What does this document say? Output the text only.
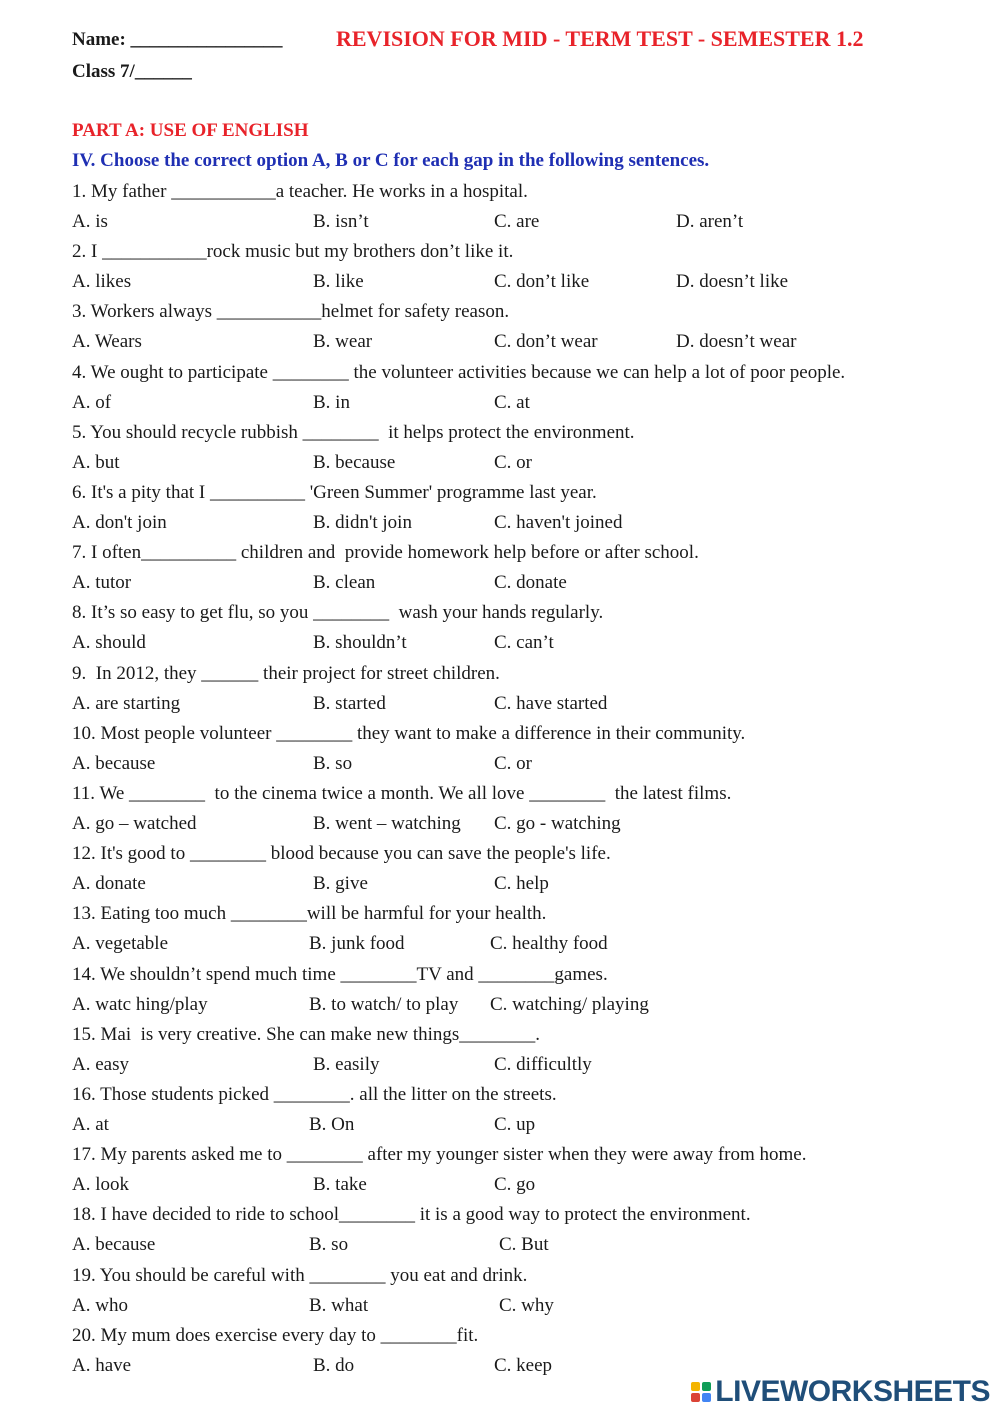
Name: ________________ REVISION FOR MID - TERM TEST - SEMESTER 1.2
Class 7/______
PART A: USE OF ENGLISH
IV. Choose the correct option A, B or C for each gap in the following sentences.
1. My father ___________a teacher. He works in a hospital.
A. is	B. isn’t	C. are	D. aren’t
2. I ___________rock music but my brothers don’t like it.
A. likes	B. like	C. don’t like	D. doesn’t like
3. Workers always ___________helmet for safety reason.
A. Wears	B. wear	C. don’t wear	D. doesn’t wear
4. We ought to participate ________ the volunteer activities because we can help a lot of poor people.
A. of	B. in	C. at
5. You should recycle rubbish ________  it helps protect the environment.
A. but	B. because	C. or
6. It's a pity that I __________ 'Green Summer' programme last year.
A. don't join	B. didn't join	C. haven't joined
7. I often__________ children and  provide homework help before or after school.
A. tutor	B. clean	C. donate
8. It’s so easy to get flu, so you ________  wash your hands regularly.
A. should	B. shouldn’t	C. can’t
9.  In 2012, they ______ their project for street children.
A. are starting	B. started	C. have started
10. Most people volunteer ________ they want to make a difference in their community.
A. because	B. so	C. or
11. We ________  to the cinema twice a month. We all love ________  the latest films.
A. go – watched	B. went – watching C. go - watching
12. It's good to ________ blood because you can save the people's life.
A. donate	B. give	C. help
13. Eating too much ________will be harmful for your health.
A. vegetable	B. junk food	C. healthy food
14. We shouldn’t spend much time ________TV and ________games.
A. watc hing/play	B. to watch/ to play C. watching/ playing
15. Mai  is very creative. She can make new things________.
A. easy	B. easily	C. difficultly
16. Those students picked ________. all the litter on the streets.
A. at	B. On	C. up
17. My parents asked me to ________ after my younger sister when they were away from home.
A. look	B. take	C. go
18. I have decided to ride to school________ it is a good way to protect the environment.
A. because	B. so	C. But
19. You should be careful with ________ you eat and drink.
A. who	B. what	C. why
20. My mum does exercise every day to ________fit.
A. have	B. do	C. keep
LIVEWORKSHEETS
